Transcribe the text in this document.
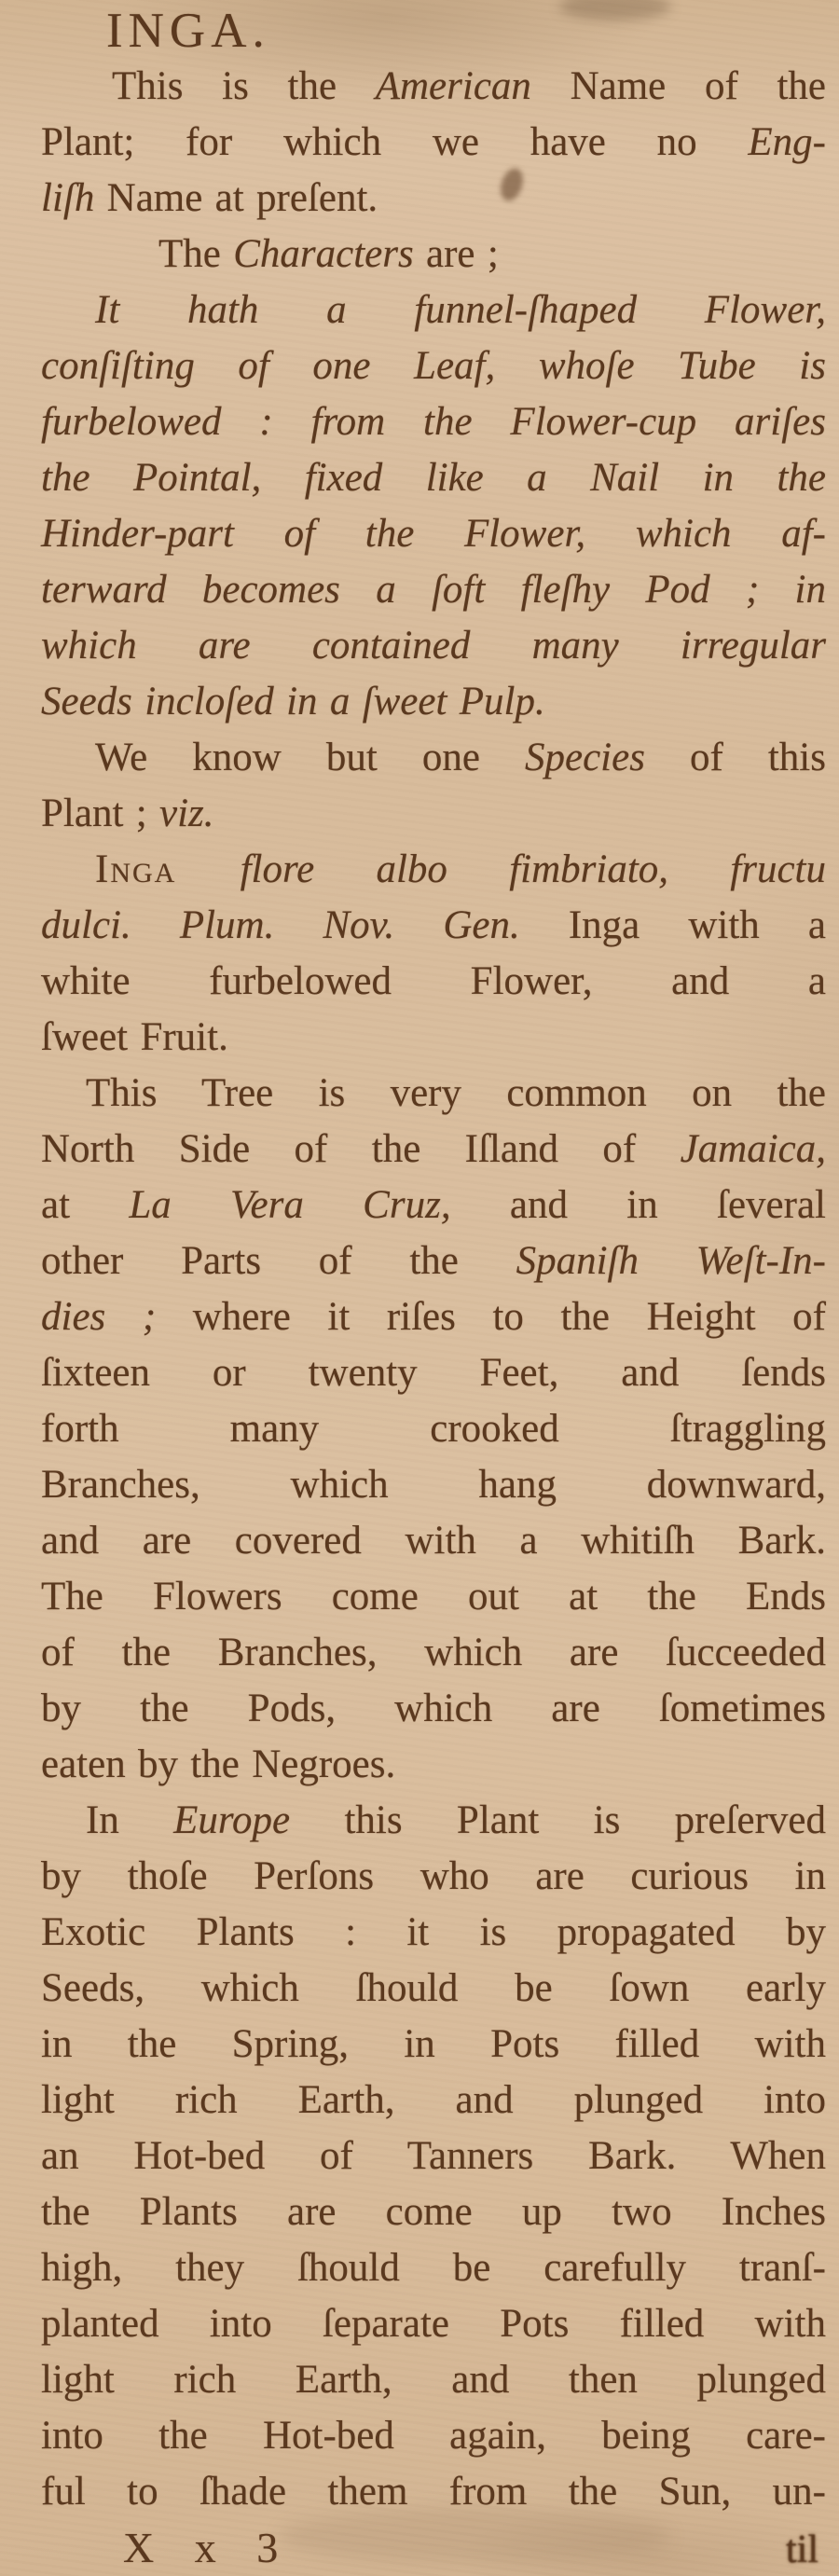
INGA.
This is the American Name of the
Plant; for which we have no Eng-
liſh Name at preſent.
The Characters are ;
It hath a funnel-ſhaped Flower,
conſiſting of one Leaf, whoſe Tube is
furbelowed : from the Flower-cup ariſes
the Pointal, fixed like a Nail in the
Hinder-part of the Flower, which af-
terward becomes a ſoft fleſhy Pod ; in
which are contained many irregular
Seeds incloſed in a ſweet Pulp.
We know but one Species of this
Plant ; viz.
Inga flore albo fimbriato, fructu
dulci. Plum. Nov. Gen. Inga with a
white furbelowed Flower, and a
ſweet Fruit.
This Tree is very common on the
North Side of the Iſland of Jamaica,
at La Vera Cruz, and in ſeveral
other Parts of the Spaniſh Weſt-In-
dies ; where it riſes to the Height of
ſixteen or twenty Feet, and ſends
forth many crooked ſtraggling
Branches, which hang downward,
and are covered with a whitiſh Bark.
The Flowers come out at the Ends
of the Branches, which are ſucceeded
by the Pods, which are ſometimes
eaten by the Negroes.
In Europe this Plant is preſerved
by thoſe Perſons who are curious in
Exotic Plants : it is propagated by
Seeds, which ſhould be ſown early
in the Spring, in Pots filled with
light rich Earth, and plunged into
an Hot-bed of Tanners Bark. When
the Plants are come up two Inches
high, they ſhould be carefully tranſ-
planted into ſeparate Pots filled with
light rich Earth, and then plunged
into the Hot-bed again, being care-
ful to ſhade them from the Sun, un-
X x 3	til
